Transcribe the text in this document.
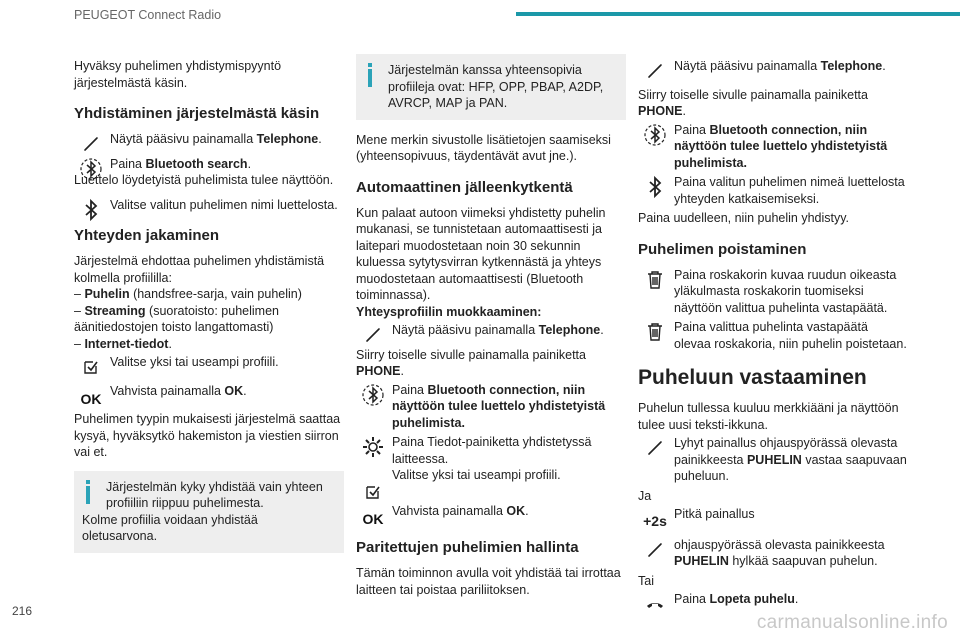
PEUGEOT Connect Radio

Hyväksy puhelimen yhdistymispyyntö järjestelmästä käsin.

Yhdistäminen järjestelmästä käsin
Näytä pääsivu painamalla Telephone.
Paina Bluetooth search.
Luettelo löydetyistä puhelimista tulee näyttöön.
Valitse valitun puhelimen nimi luettelosta.
Yhteyden jakaminen

Järjestelmä ehdottaa puhelimen yhdistämistä kolmella profiililla:

– Puhelin (handsfree-sarja, vain puhelin)

– Streaming (suoratoisto: puhelimen äänitiedostojen toisto langattomasti)

– Internet-tiedot.

Valitse yksi tai useampi profiili.
OK
Vahvista painamalla OK.

Puhelimen tyypin mukaisesti järjestelmä saattaa kysyä, hyväksytkö hakemiston ja viestien siirron vai et.

Järjestelmän kyky yhdistää vain yhteen profiiliin riippuu puhelimesta.
Kolme profiilia voidaan yhdistää oletusarvona.
Järjestelmän kanssa yhteensopivia profiileja ovat: HFP, OPP, PBAP, A2DP, AVRCP, MAP ja PAN.

Mene merkin sivustolle lisätietojen saamiseksi (yhteensopivuus, täydentävät avut jne.).

Automaattinen jälleenkytkentä

Kun palaat autoon viimeksi yhdistetty puhelin mukanasi, se tunnistetaan automaattisesti ja laitepari muodostetaan noin 30 sekunnin kuluessa sytytysvirran kytkennästä ja yhteys muodostetaan automaattisesti (Bluetooth toiminnassa).

Yhteysprofiilin muokkaaminen:

Näytä pääsivu painamalla Telephone.

Siirry toiselle sivulle painamalla painiketta PHONE.

Paina Bluetooth connection, niin näyttöön tulee luettelo yhdistetyistä puhelimista.
Paina Tiedot-painiketta yhdistetyssä laitteessa.
Valitse yksi tai useampi profiili.
OK
Vahvista painamalla OK.
Paritettujen puhelimien hallinta

Tämän toiminnon avulla voit yhdistää tai irrottaa laitteen tai poistaa pariliitoksen.

Näytä pääsivu painamalla Telephone.

Siirry toiselle sivulle painamalla painiketta PHONE.

Paina Bluetooth connection, niin näyttöön tulee luettelo yhdistetyistä puhelimista.
Paina valitun puhelimen nimeä luettelosta yhteyden katkaisemiseksi.

Paina uudelleen, niin puhelin yhdistyy.

Puhelimen poistaminen
Paina roskakorin kuvaa ruudun oikeasta yläkulmasta roskakorin tuomiseksi näyttöön valittua puhelinta vastapäätä.
Paina valittua puhelinta vastapäätä olevaa roskakoria, niin puhelin poistetaan.
Puheluun vastaaminen

Puhelun tullessa kuuluu merkkiääni ja näyttöön tulee uusi teksti-ikkuna.

Lyhyt painallus ohjauspyörässä olevasta painikkeesta PUHELIN vastaa saapuvaan puheluun.

Ja

+2s Pitkä painallus
ohjauspyörässä olevasta painikkeesta PUHELIN hylkää saapuvan puhelun.

Tai

Paina Lopeta puhelu.
216
carmanualsonline.info
